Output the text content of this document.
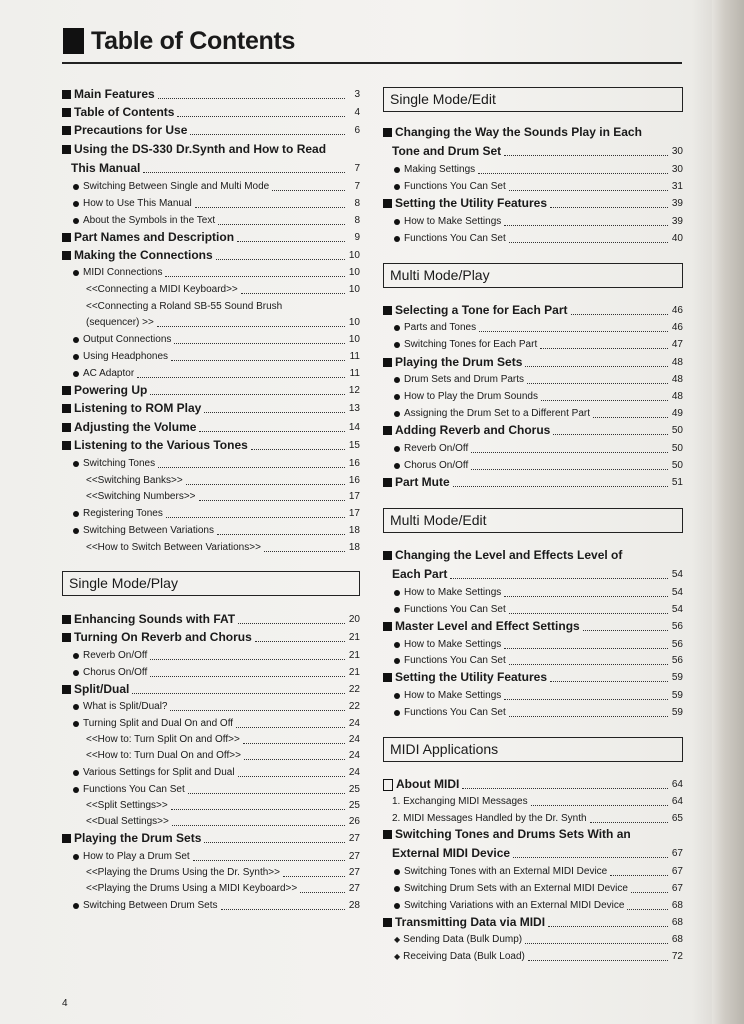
Table of Contents
Main Features	3
Table of Contents	4
Precautions for Use	6
Using the DS-330 Dr.Synth and How to Read
This Manual	7
Switching Between Single and Multi Mode	7
How to Use This Manual	8
About the Symbols in the Text	8
Part Names and Description	9
Making the Connections	10
MIDI Connections	10
<<Connecting a MIDI Keyboard>>	10
<<Connecting a Roland SB-55 Sound Brush
(sequencer) >>	10
Output Connections	10
Using Headphones	11
AC Adaptor	11
Powering Up	12
Listening to ROM Play	13
Adjusting the Volume	14
Listening to the Various Tones	15
Switching Tones	16
<<Switching Banks>>	16
<<Switching Numbers>>	17
Registering Tones	17
Switching Between Variations	18
<<How to Switch Between Variations>>	18
Single Mode/Play
Enhancing Sounds with FAT	20
Turning On Reverb and Chorus	21
Reverb On/Off	21
Chorus On/Off	21
Split/Dual	22
What is Split/Dual?	22
Turning Split and Dual On and Off	24
<<How to: Turn Split On and Off>>	24
<<How to: Turn Dual On and Off>>	24
Various Settings for Split and Dual	24
Functions You Can Set	25
<<Split Settings>>	25
<<Dual Settings>>	26
Playing the Drum Sets	27
How to Play a Drum Set	27
<<Playing the Drums Using the Dr. Synth>>	27
<<Playing the Drums Using a MIDI Keyboard>>	27
Switching Between Drum Sets	28
Single Mode/Edit
Changing the Way the Sounds Play in Each
Tone and Drum Set	30
Making Settings	30
Functions You Can Set	31
Setting the Utility Features	39
How to Make Settings	39
Functions You Can Set	40
Multi Mode/Play
Selecting a Tone for Each Part	46
Parts and Tones	46
Switching Tones for Each Part	47
Playing the Drum Sets	48
Drum Sets and Drum Parts	48
How to Play the Drum Sounds	48
Assigning the Drum Set to a Different Part	49
Adding Reverb and Chorus	50
Reverb On/Off	50
Chorus On/Off	50
Part Mute	51
Multi Mode/Edit
Changing the Level and Effects Level of
Each Part	54
How to Make Settings	54
Functions You Can Set	54
Master Level and Effect Settings	56
How to Make Settings	56
Functions You Can Set	56
Setting the Utility Features	59
How to Make Settings	59
Functions You Can Set	59
MIDI Applications
About MIDI	64
1. Exchanging MIDI Messages	64
2. MIDI Messages Handled by the Dr. Synth	65
Switching Tones and Drums Sets With an
External MIDI Device	67
Switching Tones with an External MIDI Device	67
Switching Drum Sets with an External MIDI Device	67
Switching Variations with an External MIDI Device	68
Transmitting Data via MIDI	68
◆ Sending Data (Bulk Dump)	68
◆ Receiving Data (Bulk Load)	72
4
